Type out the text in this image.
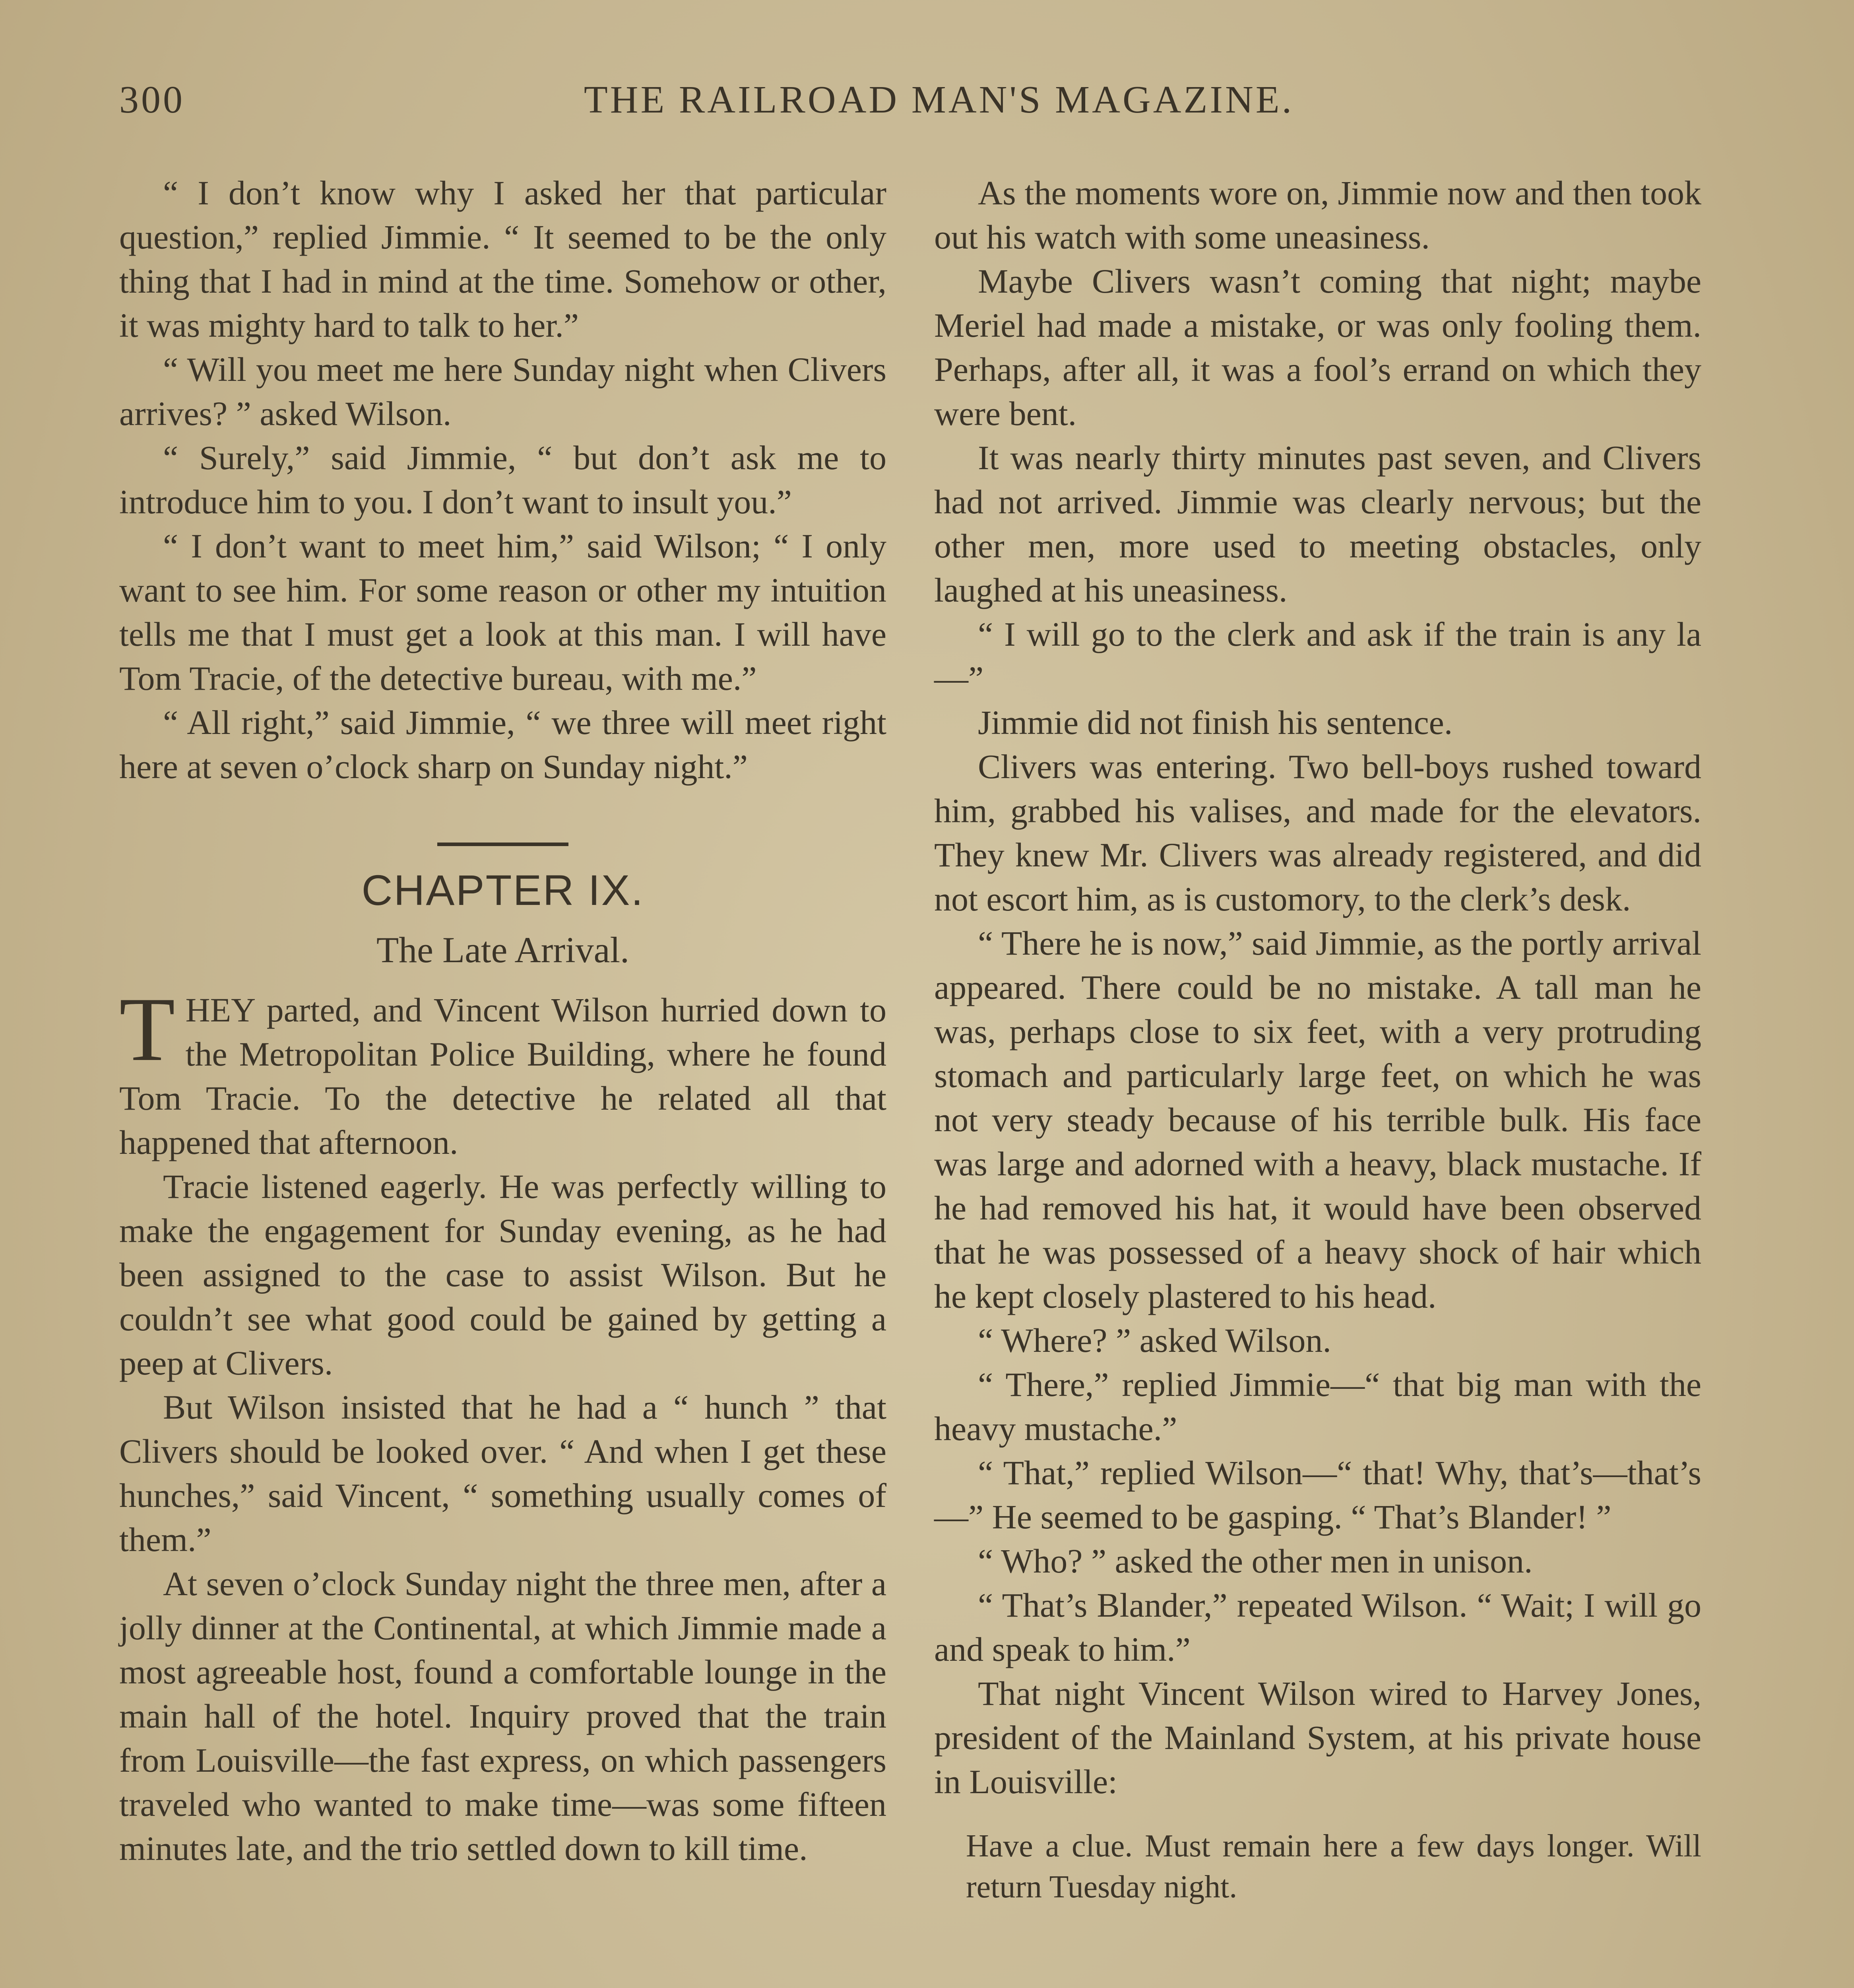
300	THE RAILROAD MAN'S MAGAZINE.

“ I don’t know why I asked her that particular question,” replied Jimmie. “ It seemed to be the only thing that I had in mind at the time. Somehow or other, it was mighty hard to talk to her.”

“ Will you meet me here Sunday night when Clivers arrives? ” asked Wilson.

“ Surely,” said Jimmie, “ but don’t ask me to introduce him to you. I don’t want to insult you.”

“ I don’t want to meet him,” said Wilson; “ I only want to see him. For some reason or other my intuition tells me that I must get a look at this man. I will have Tom Tracie, of the detective bureau, with me.”

“ All right,” said Jimmie, “ we three will meet right here at seven o’clock sharp on Sunday night.”

CHAPTER IX.
The Late Arrival.

THEY parted, and Vincent Wilson hurried down to the Metropolitan Police Building, where he found Tom Tracie. To the detective he related all that happened that afternoon.

Tracie listened eagerly. He was perfectly willing to make the engagement for Sunday evening, as he had been assigned to the case to assist Wilson. But he couldn’t see what good could be gained by getting a peep at Clivers.

But Wilson insisted that he had a “ hunch ” that Clivers should be looked over. “ And when I get these hunches,” said Vincent, “ something usually comes of them.”

At seven o’clock Sunday night the three men, after a jolly dinner at the Continental, at which Jimmie made a most agreeable host, found a comfortable lounge in the main hall of the hotel. Inquiry proved that the train from Louisville—the fast express, on which passengers traveled who wanted to make time—was some fifteen minutes late, and the trio settled down to kill time.

As the moments wore on, Jimmie now and then took out his watch with some uneasiness.

Maybe Clivers wasn’t coming that night; maybe Meriel had made a mistake, or was only fooling them. Perhaps, after all, it was a fool’s errand on which they were bent.

It was nearly thirty minutes past seven, and Clivers had not arrived. Jimmie was clearly nervous; but the other men, more used to meeting obstacles, only laughed at his uneasiness.

“ I will go to the clerk and ask if the train is any la—”

Jimmie did not finish his sentence.

Clivers was entering. Two bell-boys rushed toward him, grabbed his valises, and made for the elevators. They knew Mr. Clivers was already registered, and did not escort him, as is customory, to the clerk’s desk.

“ There he is now,” said Jimmie, as the portly arrival appeared. There could be no mistake. A tall man he was, perhaps close to six feet, with a very protruding stomach and particularly large feet, on which he was not very steady because of his terrible bulk. His face was large and adorned with a heavy, black mustache. If he had removed his hat, it would have been observed that he was possessed of a heavy shock of hair which he kept closely plastered to his head.

“ Where? ” asked Wilson.

“ There,” replied Jimmie—“ that big man with the heavy mustache.”

“ That,” replied Wilson—“ that! Why, that’s—that’s—” He seemed to be gasping. “ That’s Blander! ”

“ Who? ” asked the other men in unison.

“ That’s Blander,” repeated Wilson. “ Wait; I will go and speak to him.”

That night Vincent Wilson wired to Harvey Jones, president of the Mainland System, at his private house in Louisville:

Have a clue. Must remain here a few days longer. Will return Tuesday night.
